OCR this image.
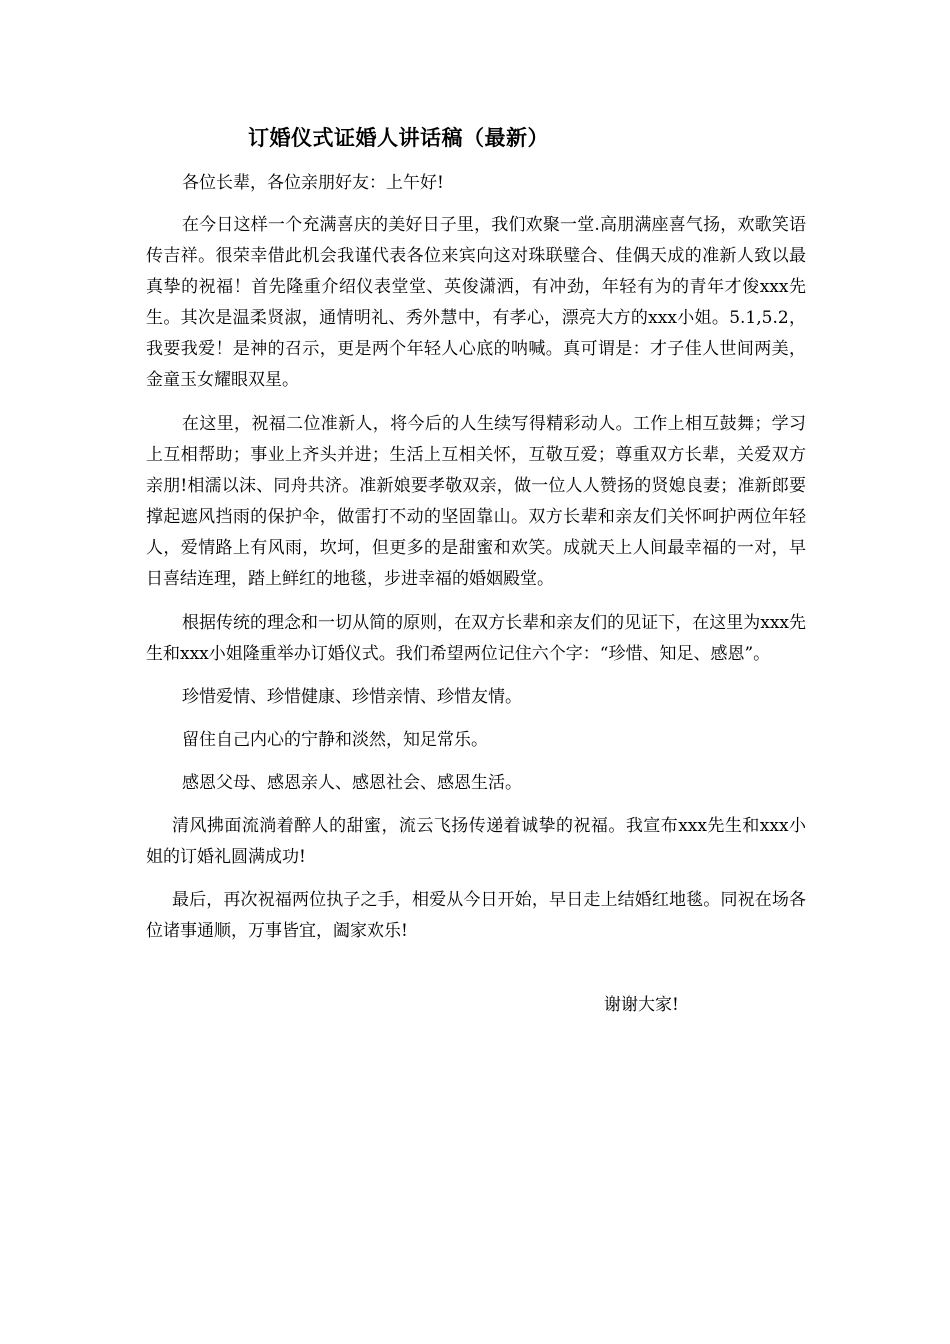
订婚仪式证婚人讲话稿（最新）

各位长辈，各位亲朋好友：上午好!

在今日这样一个充满喜庆的美好日子里，我们欢聚一堂.高朋满座喜气扬，欢歌笑语传吉祥。很荣幸借此机会我谨代表各位来宾向这对珠联璧合、佳偶天成的准新人致以最真挚的祝福！首先隆重介绍仪表堂堂、英俊潇洒，有冲劲，年轻有为的青年才俊xxx先生。其次是温柔贤淑，通情明礼、秀外慧中，有孝心，漂亮大方的xxx小姐。5.1,5.2，我要我爱！是神的召示，更是两个年轻人心底的呐喊。真可谓是：才子佳人世间两美，金童玉女耀眼双星。

在这里，祝福二位准新人，将今后的人生续写得精彩动人。工作上相互鼓舞；学习上互相帮助；事业上齐头并进；生活上互相关怀，互敬互爱；尊重双方长辈，关爱双方亲朋!相濡以沫、同舟共济。准新娘要孝敬双亲，做一位人人赞扬的贤媳良妻；准新郎要撑起遮风挡雨的保护伞，做雷打不动的坚固靠山。双方长辈和亲友们关怀呵护两位年轻人，爱情路上有风雨，坎坷，但更多的是甜蜜和欢笑。成就天上人间最幸福的一对，早日喜结连理，踏上鲜红的地毯，步进幸福的婚姻殿堂。

根据传统的理念和一切从简的原则，在双方长辈和亲友们的见证下，在这里为xxx先生和xxx小姐隆重举办订婚仪式。我们希望两位记住六个字：“珍惜、知足、感恩”。

珍惜爱情、珍惜健康、珍惜亲情、珍惜友情。

留住自己内心的宁静和淡然，知足常乐。

感恩父母、感恩亲人、感恩社会、感恩生活。

清风拂面流淌着醉人的甜蜜，流云飞扬传递着诚挚的祝福。我宣布xxx先生和xxx小姐的订婚礼圆满成功!

最后，再次祝福两位执子之手，相爱从今日开始，早日走上结婚红地毯。同祝在场各位诸事通顺，万事皆宜，阖家欢乐!

谢谢大家!
